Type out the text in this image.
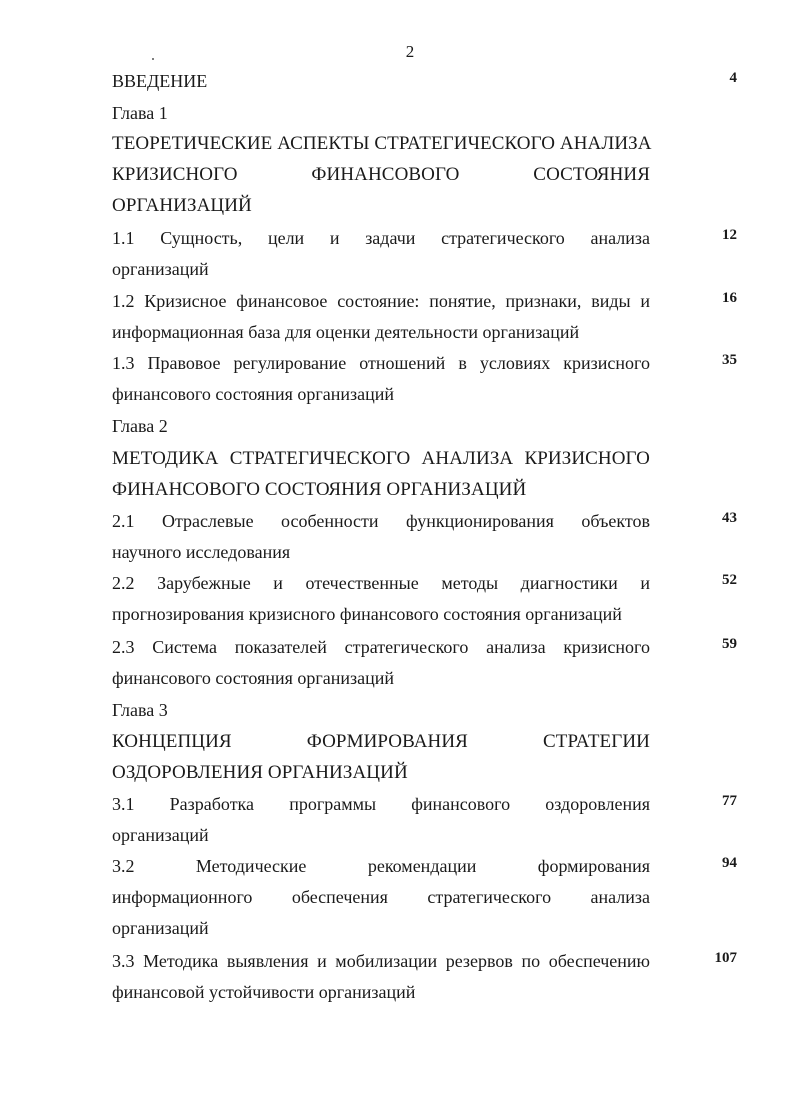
2
ВВЕДЕНИЕ	4
Глава 1
ТЕОРЕТИЧЕСКИЕ АСПЕКТЫ СТРАТЕГИЧЕСКОГО АНАЛИЗА
КРИЗИСНОГО ФИНАНСОВОГО СОСТОЯНИЯ
ОРГАНИЗАЦИЙ
1.1 Сущность, цели и задачи стратегического анализа
организаций
12
1.2 Кризисное финансовое состояние: понятие, признаки, виды и
информационная база для оценки деятельности организаций
16
1.3 Правовое регулирование отношений в условиях кризисного
финансового состояния организаций
35
Глава 2
МЕТОДИКА СТРАТЕГИЧЕСКОГО АНАЛИЗА КРИЗИСНОГО
ФИНАНСОВОГО СОСТОЯНИЯ ОРГАНИЗАЦИЙ
2.1 Отраслевые особенности функционирования объектов
научного исследования
43
2.2 Зарубежные и отечественные методы диагностики и
прогнозирования кризисного финансового состояния организаций
52
2.3 Система показателей стратегического анализа кризисного
финансового состояния организаций
59
Глава 3
КОНЦЕПЦИЯ ФОРМИРОВАНИЯ СТРАТЕГИИ
ОЗДОРОВЛЕНИЯ ОРГАНИЗАЦИЙ
3.1 Разработка программы финансового оздоровления
организаций
77
3.2 Методические рекомендации формирования
информационного обеспечения стратегического анализа
организаций
94
3.3 Методика выявления и мобилизации резервов по обеспечению
финансовой устойчивости организаций
107
